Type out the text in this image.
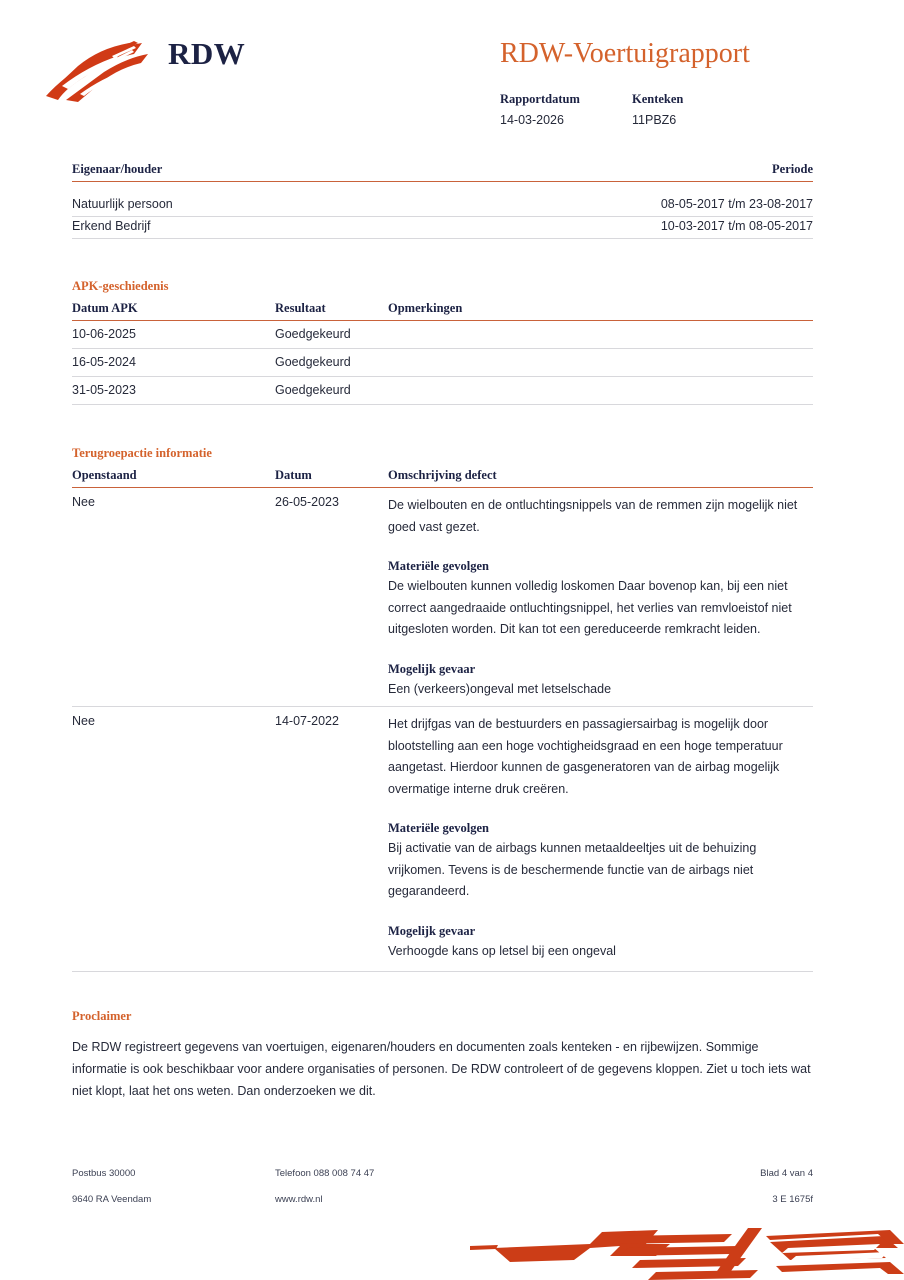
RDW	RDW-Voertuigrapport
Rapportdatum
14-03-2026
Kenteken
11PBZ6
Eigenaar/houder	Periode
Natuurlijk persoon	08-05-2017 t/m 23-08-2017
Erkend Bedrijf	10-03-2017 t/m 08-05-2017
APK-geschiedenis
Datum APK	Resultaat	Opmerkingen
10-06-2025	Goedgekeurd
16-05-2024	Goedgekeurd
31-05-2023	Goedgekeurd
Terugroepactie informatie
Openstaand	Datum	Omschrijving defect
Nee	26-05-2023	De wielbouten en de ontluchtingsnippels van de remmen zijn mogelijk niet goed vast gezet.

Materiële gevolgen

De wielbouten kunnen volledig loskomen Daar bovenop kan, bij een niet correct aangedraaide ontluchtingsnippel, het verlies van remvloeistof niet uitgesloten worden. Dit kan tot een gereduceerde remkracht leiden.

Mogelijk gevaar

Een (verkeers)ongeval met letselschade

Nee	14-07-2022	Het drijfgas van de bestuurders en passagiersairbag is mogelijk door blootstelling aan een hoge vochtigheidsgraad en een hoge temperatuur aangetast. Hierdoor kunnen de gasgeneratoren van de airbag mogelijk overmatige interne druk creëren.

Materiële gevolgen

Bij activatie van de airbags kunnen metaaldeeltjes uit de behuizing vrijkomen. Tevens is de beschermende functie van de airbags niet gegarandeerd.

Mogelijk gevaar

Verhoogde kans op letsel bij een ongeval

Proclaimer
De RDW registreert gegevens van voertuigen, eigenaren/houders en documenten zoals kenteken - en rijbewijzen. Sommige informatie is ook beschikbaar voor andere organisaties of personen. De RDW controleert of de gegevens kloppen. Ziet u toch iets wat niet klopt, laat het ons weten. Dan onderzoeken we dit.
Postbus 30000	Telefoon 088 008 74 47	Blad 4 van 4
9640 RA Veendam	www.rdw.nl	3 E 1675f
